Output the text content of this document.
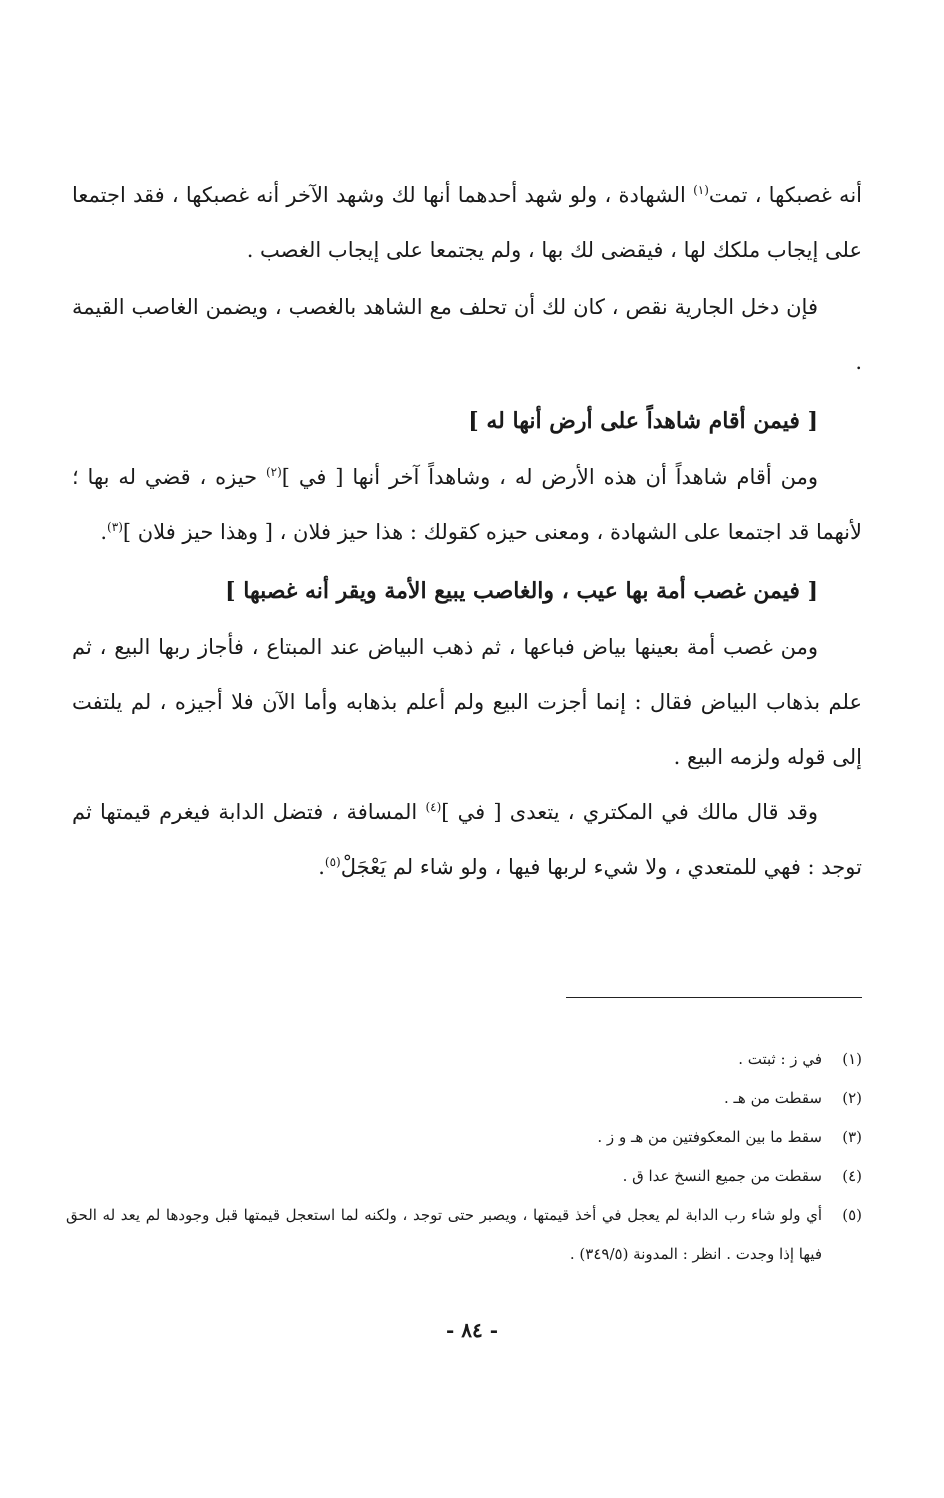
أنه غصبكها ، تمت$^{(١)}$ الشهادة ، ولو شهد أحدهما أنها لك وشهد الآخر أنه غصبكها ، فقد اجتمعا على إيجاب ملكك لها ، فيقضى لك بها ، ولم يجتمعا على إيجاب الغصب .

فإن دخل الجارية نقص ، كان لك أن تحلف مع الشاهد بالغصب ، ويضمن الغاصب القيمة .

[ فيمن أقام شاهداً على أرض أنها له ]

ومن أقام شاهداً أن هذه الأرض له ، وشاهداً آخر أنها [ في ]$^{(٢)}$ حيزه ، قضي له بها ؛ لأنهما قد اجتمعا على الشهادة ، ومعنى حيزه كقولك : هذا حيز فلان ، [ وهذا حيز فلان ]$^{(٣)}$.

[ فيمن غصب أمة بها عيب ، والغاصب يبيع الأمة ويقر أنه غصبها ]

ومن غصب أمة بعينها بياض فباعها ، ثم ذهب البياض عند المبتاع ، فأجاز ربها البيع ، ثم علم بذهاب البياض فقال : إنما أجزت البيع ولم أعلم بذهابه وأما الآن فلا أجيزه ، لم يلتفت إلى قوله ولزمه البيع .

وقد قال مالك في المكتري ، يتعدى [ في ]$^{(٤)}$ المسافة ، فتضل الدابة فيغرم قيمتها ثم توجد : فهي للمتعدي ، ولا شيء لربها فيها ، ولو شاء لم يَعْجَلْ$^{(٥)}$.

(١)
في ز : ثبتت .
(٢)
سقطت من هـ .
(٣)
سقط ما بين المعكوفتين من هـ و ز .
(٤)
سقطت من جميع النسخ عدا ق .
(٥)
أي ولو شاء رب الدابة لم يعجل في أخذ قيمتها ، ويصبر حتى توجد ، ولكنه لما استعجل قيمتها قبل وجودها لم يعد له الحق فيها إذا وجدت . انظر : المدونة (٣٤٩/٥) .
- ٨٤ -
